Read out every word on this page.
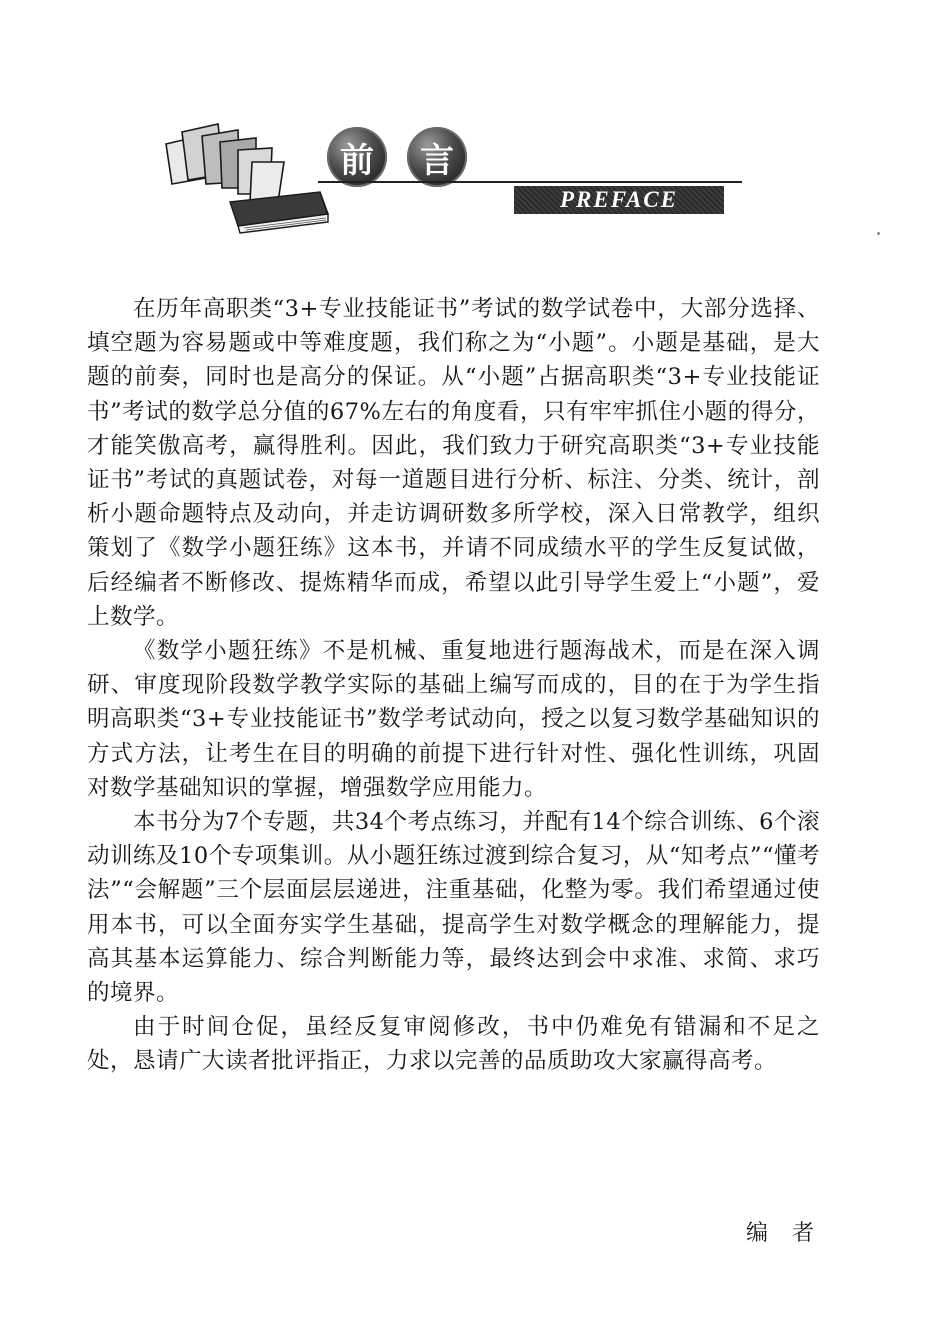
前	言
PREFACE

在历年高职类“3+专业技能证书”考试的数学试卷中，大部分选择、填空题为容易题或中等难度题，我们称之为“小题”。小题是基础，是大题的前奏，同时也是高分的保证。从“小题”占据高职类“3+专业技能证书”考试的数学总分值的67%左右的角度看，只有牢牢抓住小题的得分，才能笑傲高考，赢得胜利。因此，我们致力于研究高职类“3+专业技能证书”考试的真题试卷，对每一道题目进行分析、标注、分类、统计，剖析小题命题特点及动向，并走访调研数多所学校，深入日常教学，组织策划了《数学小题狂练》这本书，并请不同成绩水平的学生反复试做，后经编者不断修改、提炼精华而成，希望以此引导学生爱上“小题”，爱上数学。

《数学小题狂练》不是机械、重复地进行题海战术，而是在深入调研、审度现阶段数学教学实际的基础上编写而成的，目的在于为学生指明高职类“3+专业技能证书”数学考试动向，授之以复习数学基础知识的方式方法，让考生在目的明确的前提下进行针对性、强化性训练，巩固对数学基础知识的掌握，增强数学应用能力。

本书分为7个专题，共34个考点练习，并配有14个综合训练、6个滚动训练及10个专项集训。从小题狂练过渡到综合复习，从“知考点”“懂考法”“会解题”三个层面层层递进，注重基础，化整为零。我们希望通过使用本书，可以全面夯实学生基础，提高学生对数学概念的理解能力，提高其基本运算能力、综合判断能力等，最终达到会中求准、求简、求巧的境界。

由于时间仓促，虽经反复审阅修改，书中仍难免有错漏和不足之处，恳请广大读者批评指正，力求以完善的品质助攻大家赢得高考。

编者
